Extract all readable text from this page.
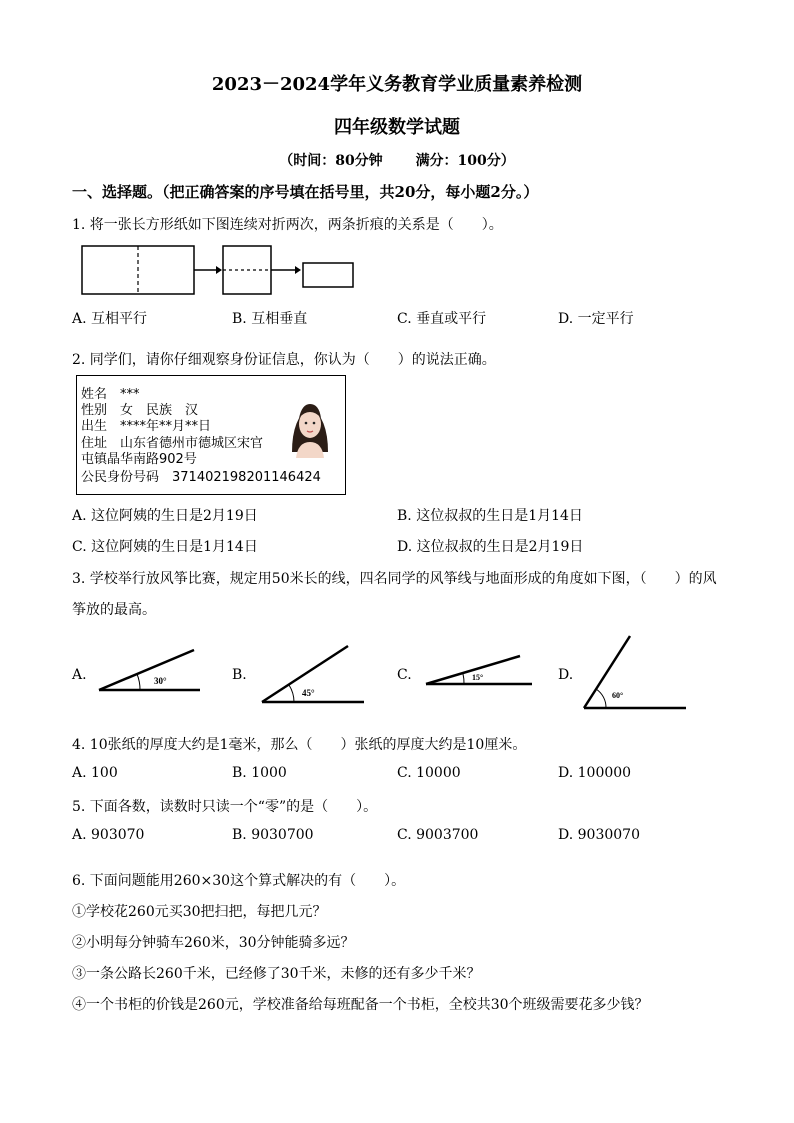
2023－2024学年义务教育学业质量素养检测
四年级数学试题
（时间：80分钟 满分：100分）
一、选择题。（把正确答案的序号填在括号里，共20分，每小题2分。）
1. 将一张长方形纸如下图连续对折两次，两条折痕的关系是（　　）。
A. 互相平行	B. 互相垂直	C. 垂直或平行	D. 一定平行
2. 同学们，请你仔细观察身份证信息，你认为（　　）的说法正确。
姓名　***
性别　女　民族　汉
出生　****年**月**日
住址　山东省德州市德城区宋官
屯镇晶华南路902号
公民身份号码　371402198201146424
A. 这位阿姨的生日是2月19日	B. 这位叔叔的生日是1月14日
C. 这位阿姨的生日是1月14日	D. 这位叔叔的生日是2月19日
3. 学校举行放风筝比赛，规定用50米长的线，四名同学的风筝线与地面形成的角度如下图，（　　）的风
筝放的最高。
A.	30°	B.
45°
C.	15°	D.
60°
4. 10张纸的厚度大约是1毫米，那么（　　）张纸的厚度大约是10厘米。
A. 100	B. 1000	C. 10000	D. 100000
5. 下面各数，读数时只读一个“零”的是（　　）。
A. 903070	B. 9030700	C. 9003700	D. 9030070
6. 下面问题能用260×30这个算式解决的有（　　）。
①学校花260元买30把扫把，每把几元？
②小明每分钟骑车260米，30分钟能骑多远？
③一条公路长260千米，已经修了30千米，未修的还有多少千米？
④一个书柜的价钱是260元，学校准备给每班配备一个书柜，全校共30个班级需要花多少钱？
